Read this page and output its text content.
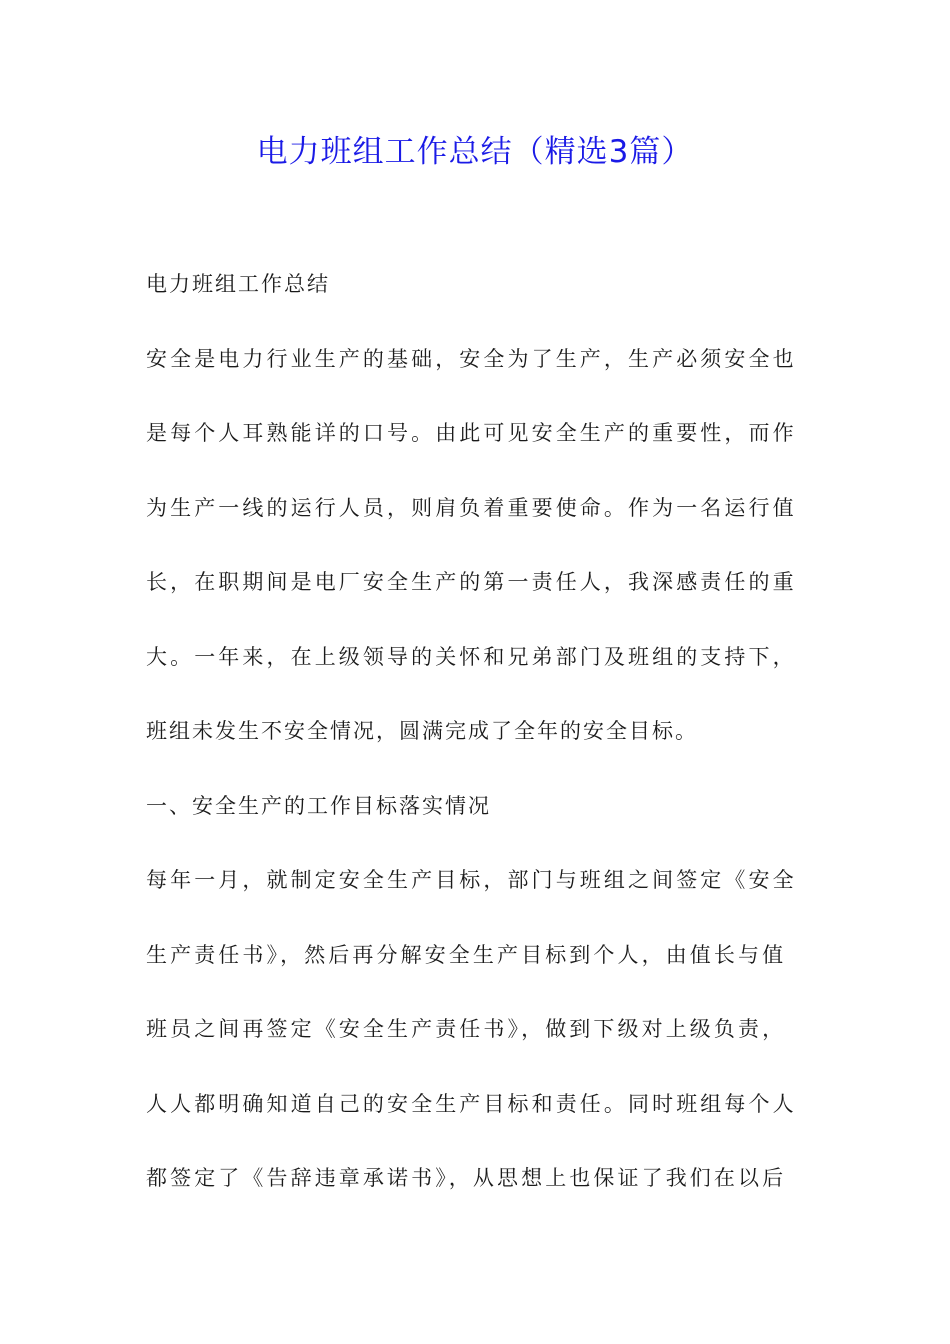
电力班组工作总结（精选3篇）
电力班组工作总结
安全是电力行业生产的基础，安全为了生产，生产必须安全也
是每个人耳熟能详的口号。由此可见安全生产的重要性，而作
为生产一线的运行人员，则肩负着重要使命。作为一名运行值
长，在职期间是电厂安全生产的第一责任人，我深感责任的重
大。一年来，在上级领导的关怀和兄弟部门及班组的支持下，
班组未发生不安全情况，圆满完成了全年的安全目标。
一、安全生产的工作目标落实情况
每年一月，就制定安全生产目标，部门与班组之间签定《安全
生产责任书》，然后再分解安全生产目标到个人，由值长与值
班员之间再签定《安全生产责任书》，做到下级对上级负责，
人人都明确知道自己的安全生产目标和责任。同时班组每个人
都签定了《告辞违章承诺书》，从思想上也保证了我们在以后
